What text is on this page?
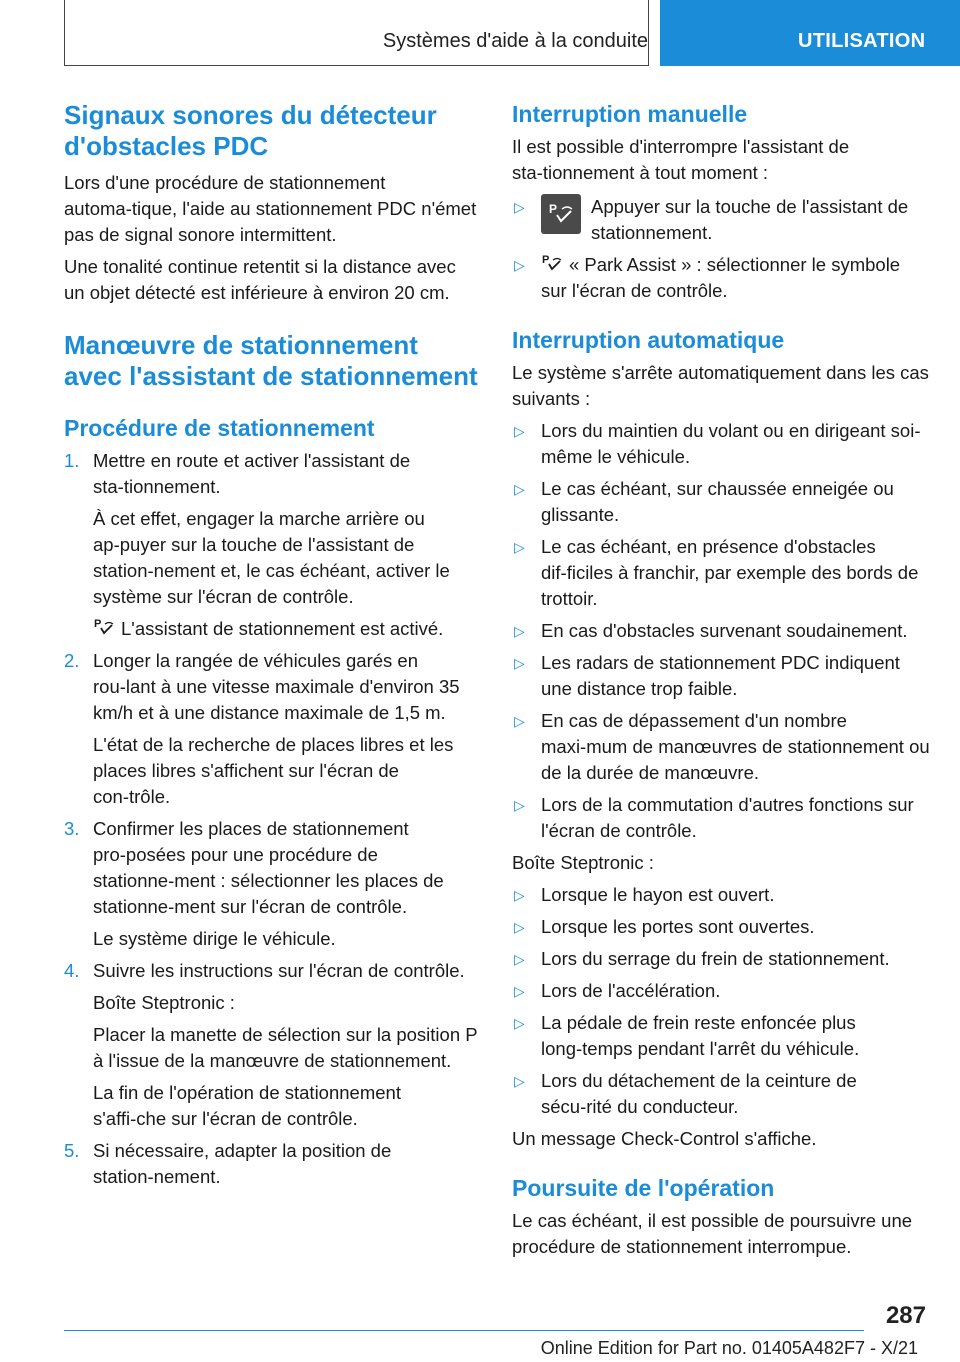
Systèmes d'aide à la conduite	UTILISATION
Signaux sonores du détecteur d'obstacles PDC
Lors d'une procédure de stationnement automa‑tique, l'aide au stationnement PDC n'émet pas de signal sonore intermittent.
Une tonalité continue retentit si la distance avec un objet détecté est inférieure à environ 20 cm.
Manœuvre de stationnement avec l'assistant de stationnement
Procédure de stationnement
1. Mettre en route et activer l'assistant de sta‑tionnement.
À cet effet, engager la marche arrière ou ap‑puyer sur la touche de l'assistant de station‑nement et, le cas échéant, activer le système sur l'écran de contrôle.
P L'assistant de stationnement est activé.
2. Longer la rangée de véhicules garés en rou‑lant à une vitesse maximale d'environ 35 km/h et à une distance maximale de 1,5 m.
L'état de la recherche de places libres et les places libres s'affichent sur l'écran de con‑trôle.
3. Confirmer les places de stationnement pro‑posées pour une procédure de stationne‑ment : sélectionner les places de stationne‑ment sur l'écran de contrôle.
Le système dirige le véhicule.
4. Suivre les instructions sur l'écran de contrôle.
Boîte Steptronic :
Placer la manette de sélection sur la position P à l'issue de la manœuvre de stationnement.
La fin de l'opération de stationnement s'affi‑che sur l'écran de contrôle.
5. Si nécessaire, adapter la position de station‑nement.
Interruption manuelle
Il est possible d'interrompre l'assistant de sta‑tionnement à tout moment :
▷ P Appuyer sur la touche de l'assistant de stationnement.
▷ P « Park Assist » : sélectionner le symbole sur l'écran de contrôle.
Interruption automatique
Le système s'arrête automatiquement dans les cas suivants :
▷ Lors du maintien du volant ou en dirigeant soi-même le véhicule.
▷ Le cas échéant, sur chaussée enneigée ou glissante.
▷ Le cas échéant, en présence d'obstacles dif‑ficiles à franchir, par exemple des bords de trottoir.
▷ En cas d'obstacles survenant soudainement.
▷ Les radars de stationnement PDC indiquent une distance trop faible.
▷ En cas de dépassement d'un nombre maxi‑mum de manœuvres de stationnement ou de la durée de manœuvre.
▷ Lors de la commutation d'autres fonctions sur l'écran de contrôle.
Boîte Steptronic :
▷ Lorsque le hayon est ouvert.
▷ Lorsque les portes sont ouvertes.
▷ Lors du serrage du frein de stationnement.
▷ Lors de l'accélération.
▷ La pédale de frein reste enfoncée plus long‑temps pendant l'arrêt du véhicule.
▷ Lors du détachement de la ceinture de sécu‑rité du conducteur.
Un message Check-Control s'affiche.
Poursuite de l'opération
Le cas échéant, il est possible de poursuivre une procédure de stationnement interrompue.
287
Online Edition for Part no. 01405A482F7 - X/21
